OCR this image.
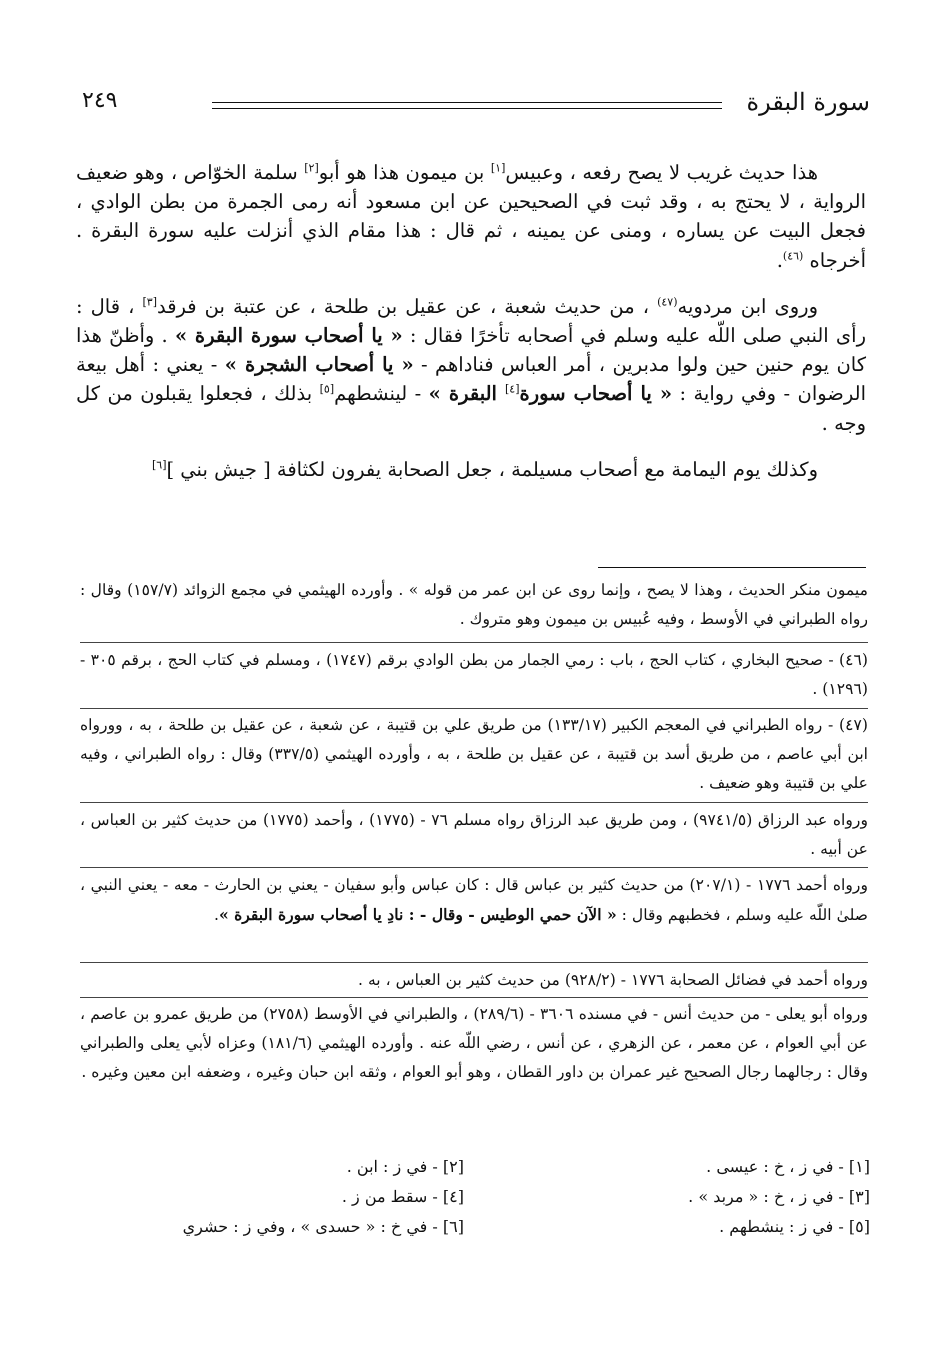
٢٤٩	سورة البقرة

هذا حديث غريب لا يصح رفعه ، وعبيس[١] بن ميمون هذا هو أبو[٢] سلمة الخوّاص ، وهو ضعيف الرواية ، لا يحتج به ، وقد ثبت في الصحيحين عن ابن مسعود أنه رمى الجمرة من بطن الوادي ، فجعل البيت عن يساره ، ومنى عن يمينه ، ثم قال : هذا مقام الذي أنزلت عليه سورة البقرة . أخرجاه $^{(٤٦)}$.

وروى ابن مردويه$^{(٤٧)}$ ، من حديث شعبة ، عن عقيل بن طلحة ، عن عتبة بن فرقد[٣] ، قال : رأى النبي صلى اللّه عليه وسلم في أصحابه تأخرًا فقال : « يا أصحاب سورة البقرة » . وأظنّ هذا كان يوم حنين حين ولوا مدبرين ، أمر العباس فناداهم - « يا أصحاب الشجرة » - يعني : أهل بيعة الرضوان - وفي رواية : « يا أصحاب سورة[٤] البقرة » - لينشطهم[٥] بذلك ، فجعلوا يقبلون من كل وجه .

وكذلك يوم اليمامة مع أصحاب مسيلمة ، جعل الصحابة يفرون لكثافة [ جيش بني ][٦]

ميمون منكر الحديث ، وهذا لا يصح ، وإنما روى عن ابن عمر من قوله » . وأورده الهيثمي في مجمع الزوائد (١٥٧/٧) وقال : رواه الطبراني في الأوسط ، وفيه عُبيس بن ميمون وهو متروك .
(٤٦) - صحيح البخاري ، كتاب الحج ، باب : رمي الجمار من بطن الوادي برقم (١٧٤٧) ، ومسلم في كتاب الحج ، برقم ٣٠٥ - (١٢٩٦) .
(٤٧) - رواه الطبراني في المعجم الكبير (١٣٣/١٧) من طريق علي بن قتيبة ، عن شعبة ، عن عقيل بن طلحة ، به ، وورواه ابن أبي عاصم ، من طريق أسد بن قتيبة ، عن عقيل بن طلحة ، به ، وأورده الهيثمي (٣٣٧/٥) وقال : رواه الطبراني ، وفيه علي بن قتيبة وهو ضعيف .
ورواه عبد الرزاق (٩٧٤١/٥) ، ومن طريق عبد الرزاق رواه مسلم ٧٦ - (١٧٧٥) ، وأحمد (١٧٧٥) من حديث كثير بن العباس ، عن أبيه .
ورواه أحمد ١٧٧٦ - (٢٠٧/١) من حديث كثير بن عباس قال : كان عباس وأبو سفيان - يعني بن الحارث - معه - يعني النبي ، صلىٰ اللّه عليه وسلم ، فخطبهم وقال : « الآن حمي الوطيس - وقال - : نادِ يا أصحاب سورة البقرة ».
ورواه أحمد في فضائل الصحابة ١٧٧٦ - (٩٢٨/٢) من حديث كثير بن العباس ، به .
ورواه أبو يعلى - من حديث أنس - في مسنده ٣٦٠٦ - (٢٨٩/٦) ، والطبراني في الأوسط (٢٧٥٨) من طريق عمرو بن عاصم ، عن أبي العوام ، عن معمر ، عن الزهري ، عن أنس ، رضي اللّه عنه . وأورده الهيثمي (١٨١/٦) وعزاه لأبي يعلى والطبراني وقال : رجالهما رجال الصحيح غير عمران بن داور القطان ، وهو أبو العوام ، وثقه ابن حبان وغيره ، وضعفه ابن معين وغيره .
[١] - في ز ، خ : عيسى .
[٢] - في ز : ابن .
[٣] - في ز ، خ : « مربد » .
[٤] - سقط من ز .
[٥] - في ز : ينشطهم .
[٦] - في خ : « حسدى » ، وفي ز : حشري
